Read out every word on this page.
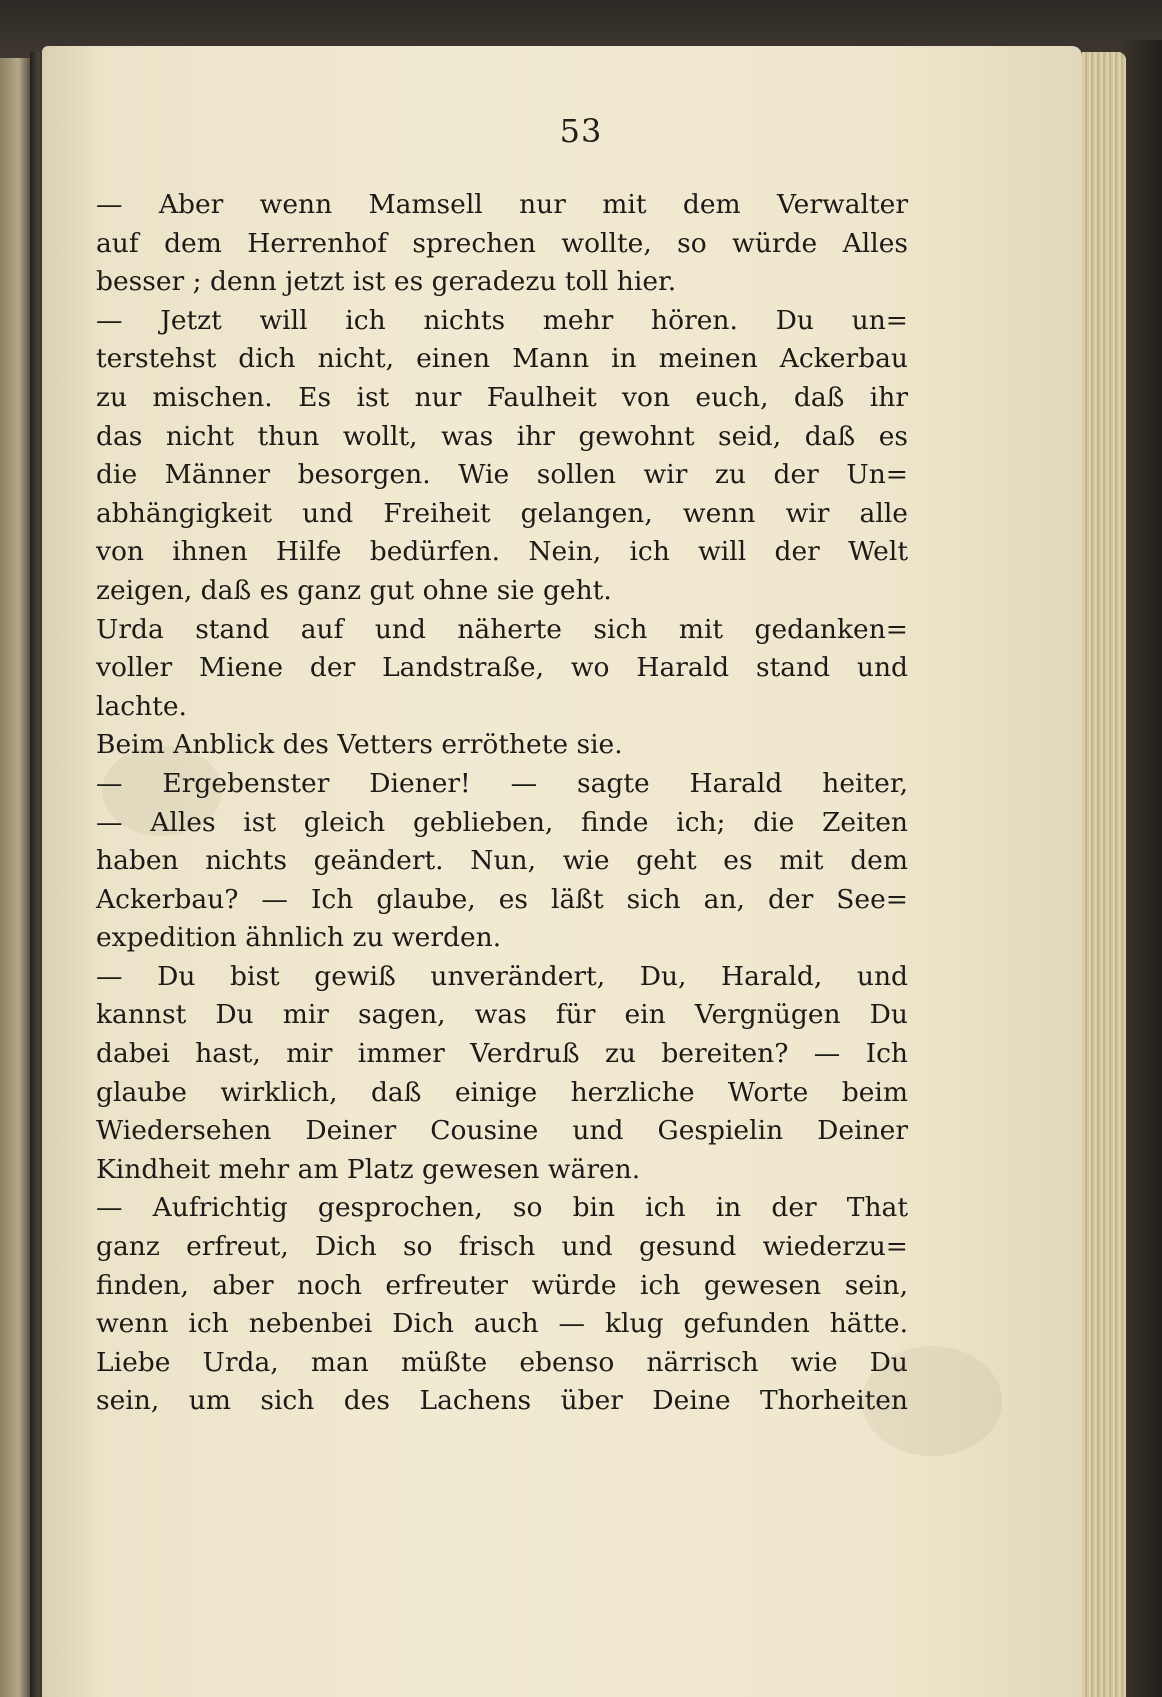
53
— Aber wenn Mamsell nur mit dem Verwalter
auf dem Herrenhof sprechen wollte, so würde Alles
besser ; denn jetzt ist es geradezu toll hier.
— Jetzt will ich nichts mehr hören. Du un=
terstehst dich nicht, einen Mann in meinen Ackerbau
zu mischen. Es ist nur Faulheit von euch, daß ihr
das nicht thun wollt, was ihr gewohnt seid, daß es
die Männer besorgen. Wie sollen wir zu der Un=
abhängigkeit und Freiheit gelangen, wenn wir alle
von ihnen Hilfe bedürfen. Nein, ich will der Welt
zeigen, daß es ganz gut ohne sie geht.
Urda stand auf und näherte sich mit gedanken=
voller Miene der Landstraße, wo Harald stand und
lachte.
Beim Anblick des Vetters erröthete sie.
— Ergebenster Diener! — sagte Harald heiter,
— Alles ist gleich geblieben, finde ich; die Zeiten
haben nichts geändert. Nun, wie geht es mit dem
Ackerbau? — Ich glaube, es läßt sich an, der See=
expedition ähnlich zu werden.
— Du bist gewiß unverändert, Du, Harald, und
kannst Du mir sagen, was für ein Vergnügen Du
dabei hast, mir immer Verdruß zu bereiten? — Ich
glaube wirklich, daß einige herzliche Worte beim
Wiedersehen Deiner Cousine und Gespielin Deiner
Kindheit mehr am Platz gewesen wären.
— Aufrichtig gesprochen, so bin ich in der That
ganz erfreut, Dich so frisch und gesund wiederzu=
finden, aber noch erfreuter würde ich gewesen sein,
wenn ich nebenbei Dich auch — klug gefunden hätte.
Liebe Urda, man müßte ebenso närrisch wie Du
sein, um sich des Lachens über Deine Thorheiten
